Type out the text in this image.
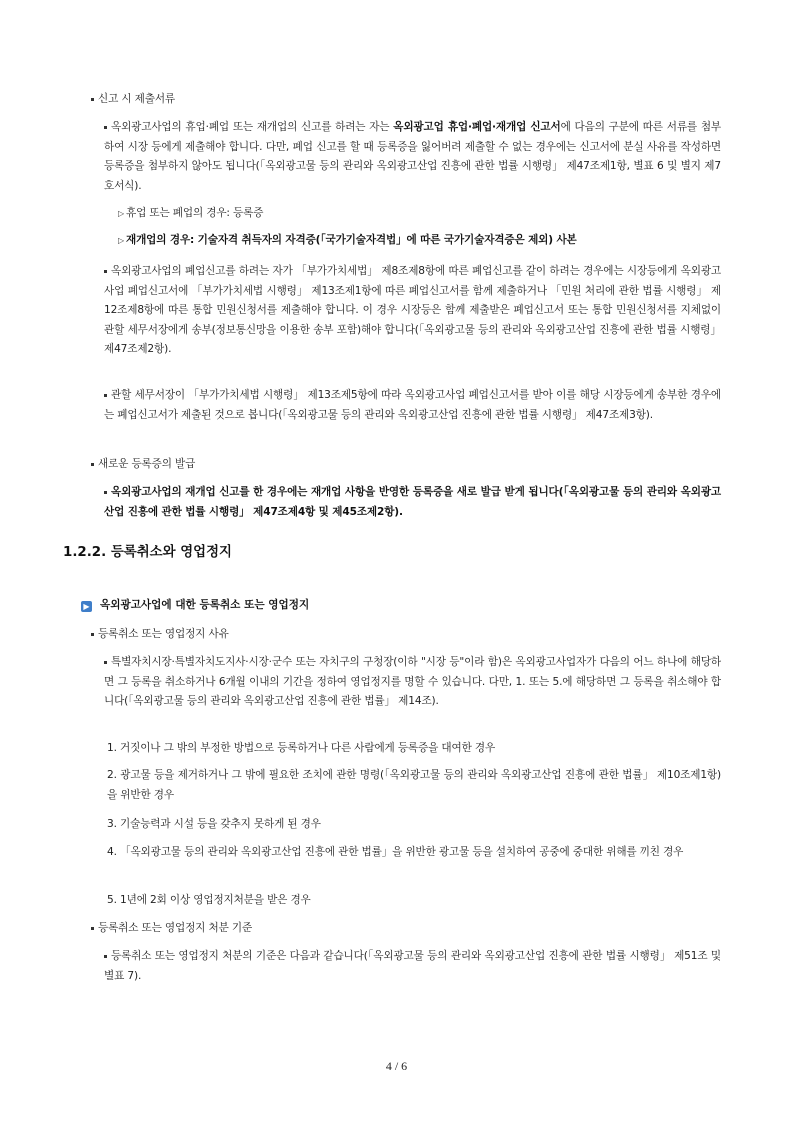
신고 시 제출서류

옥외광고사업의 휴업·폐업 또는 재개업의 신고를 하려는 자는 옥외광고업 휴업·폐업·재개업 신고서에 다음의 구분에 따른 서류를 첨부하여 시장 등에게 제출해야 합니다. 다만, 폐업 신고를 할 때 등록증을 잃어버려 제출할 수 없는 경우에는 신고서에 분실 사유를 작성하면 등록증을 첨부하지 않아도 됩니다(「옥외광고물 등의 관리와 옥외광고산업 진흥에 관한 법률 시행령」 제47조제1항, 별표 6 및 별지 제7호서식).

▷ 휴업 또는 폐업의 경우: 등록증

▷ 재개업의 경우: 기술자격 취득자의 자격증(「국가기술자격법」에 따른 국가기술자격증은 제외) 사본

옥외광고사업의 폐업신고를 하려는 자가 「부가가치세법」 제8조제8항에 따른 폐업신고를 같이 하려는 경우에는 시장등에게 옥외광고사업 폐업신고서에 「부가가치세법 시행령」 제13조제1항에 따른 폐업신고서를 함께 제출하거나 「민원 처리에 관한 법률 시행령」 제12조제8항에 따른 통합 민원신청서를 제출해야 합니다. 이 경우 시장등은 함께 제출받은 폐업신고서 또는 통합 민원신청서를 지체없이 관할 세무서장에게 송부(정보통신망을 이용한 송부 포함)해야 합니다(「옥외광고물 등의 관리와 옥외광고산업 진흥에 관한 법률 시행령」 제47조제2항).

관할 세무서장이 「부가가치세법 시행령」 제13조제5항에 따라 옥외광고사업 폐업신고서를 받아 이를 해당 시장등에게 송부한 경우에는 폐업신고서가 제출된 것으로 봅니다(「옥외광고물 등의 관리와 옥외광고산업 진흥에 관한 법률 시행령」 제47조제3항).

새로운 등록증의 발급

옥외광고사업의 재개업 신고를 한 경우에는 재개업 사항을 반영한 등록증을 새로 발급 받게 됩니다(「옥외광고물 등의 관리와 옥외광고산업 진흥에 관한 법률 시행령」 제47조제4항 및 제45조제2항).

1.2.2. 등록취소와 영업정지
▶ 옥외광고사업에 대한 등록취소 또는 영업정지

등록취소 또는 영업정지 사유

특별자치시장·특별자치도지사·시장·군수 또는 자치구의 구청장(이하 "시장 등"이라 함)은 옥외광고사업자가 다음의 어느 하나에 해당하면 그 등록을 취소하거나 6개월 이내의 기간을 정하여 영업정지를 명할 수 있습니다. 다만, 1. 또는 5.에 해당하면 그 등록을 취소해야 합니다(「옥외광고물 등의 관리와 옥외광고산업 진흥에 관한 법률」 제14조).

1. 거짓이나 그 밖의 부정한 방법으로 등록하거나 다른 사람에게 등록증을 대여한 경우

2. 광고물 등을 제거하거나 그 밖에 필요한 조치에 관한 명령(「옥외광고물 등의 관리와 옥외광고산업 진흥에 관한 법률」 제10조제1항)을 위반한 경우

3. 기술능력과 시설 등을 갖추지 못하게 된 경우

4. 「옥외광고물 등의 관리와 옥외광고산업 진흥에 관한 법률」을 위반한 광고물 등을 설치하여 공중에 중대한 위해를 끼친 경우

5. 1년에 2회 이상 영업정지처분을 받은 경우

등록취소 또는 영업정지 처분 기준

등록취소 또는 영업정지 처분의 기준은 다음과 같습니다(「옥외광고물 등의 관리와 옥외광고산업 진흥에 관한 법률 시행령」 제51조 및 별표 7).

4 / 6
